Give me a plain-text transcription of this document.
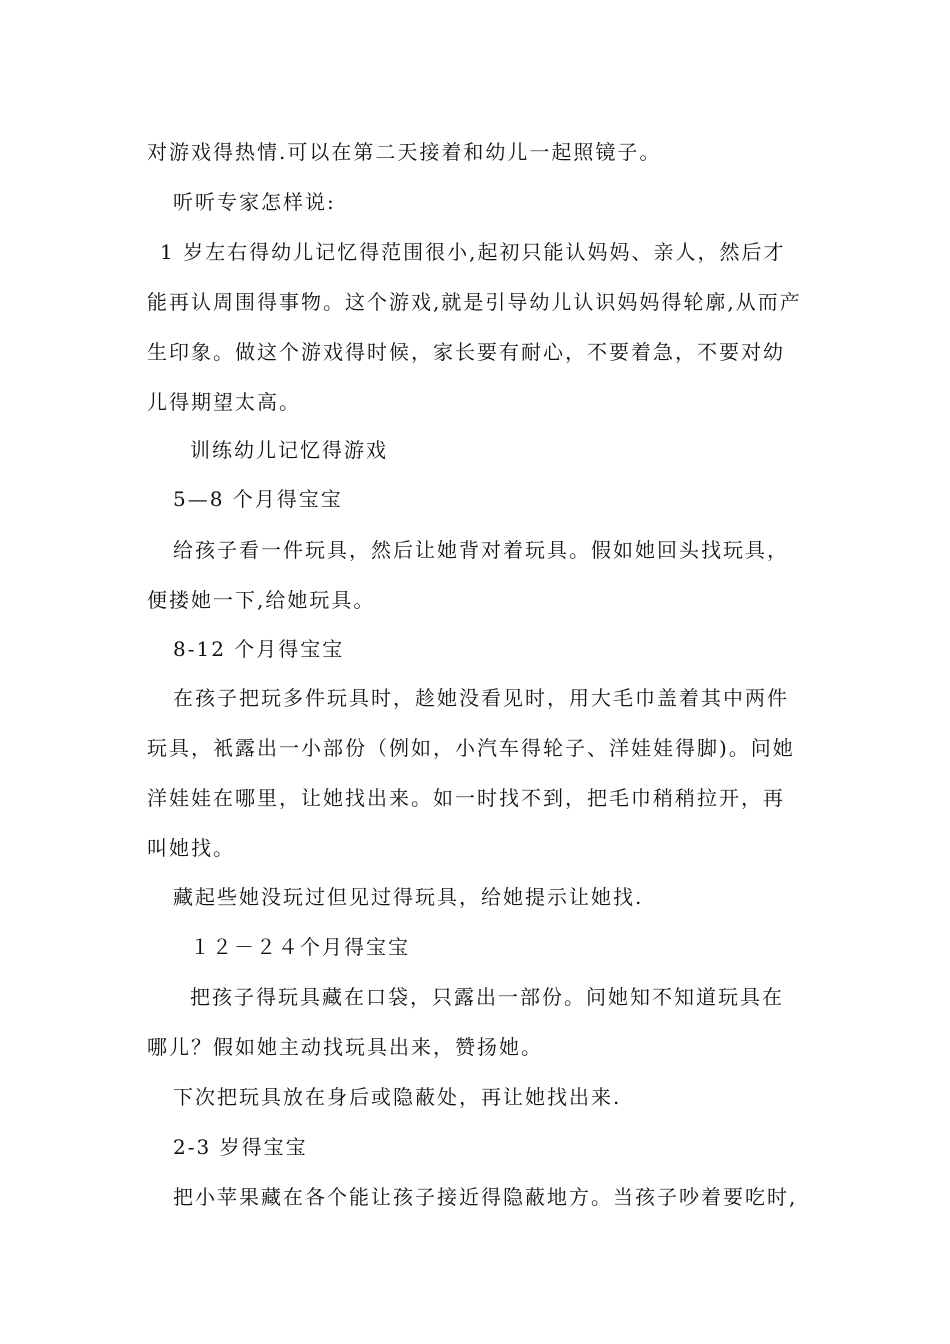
对游戏得热情.可以在第二天接着和幼儿一起照镜子。
听听专家怎样说:
1 岁左右得幼儿记忆得范围很小,起初只能认妈妈、亲人，然后才
能再认周围得事物。这个游戏,就是引导幼儿认识妈妈得轮廓,从而产
生印象。做这个游戏得时候，家长要有耐心，不要着急，不要对幼
儿得期望太高。
训练幼儿记忆得游戏
5—8 个月得宝宝
给孩子看一件玩具，然后让她背对着玩具。假如她回头找玩具，
便搂她一下,给她玩具。
8-12 个月得宝宝
在孩子把玩多件玩具时，趁她没看见时，用大毛巾盖着其中两件
玩具，衹露出一小部份（例如，小汽车得轮子、洋娃娃得脚)。问她
洋娃娃在哪里，让她找出来。如一时找不到，把毛巾稍稍拉开，再
叫她找。
藏起些她没玩过但见过得玩具，给她提示让她找.
１２－２４个月得宝宝
把孩子得玩具藏在口袋，只露出一部份。问她知不知道玩具在
哪儿？假如她主动找玩具出来，赞扬她。
下次把玩具放在身后或隐蔽处，再让她找出来.
2-3 岁得宝宝
把小苹果藏在各个能让孩子接近得隐蔽地方。当孩子吵着要吃时,
